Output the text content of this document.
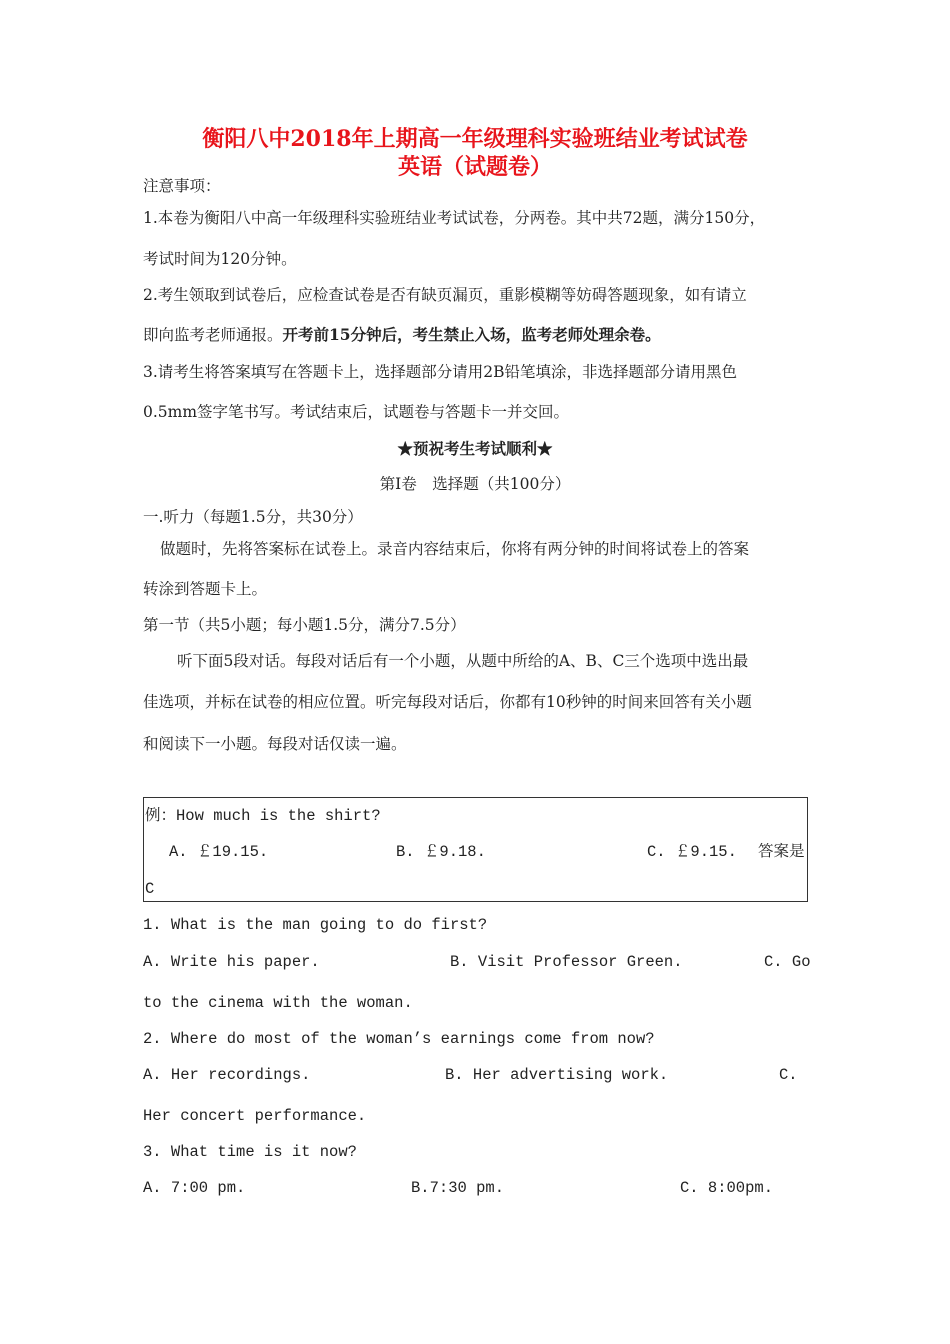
衡阳八中2018年上期高一年级理科实验班结业考试试卷
英语（试题卷）
注意事项：
1.本卷为衡阳八中高一年级理科实验班结业考试试卷，分两卷。其中共72题，满分150分，
考试时间为120分钟。
2.考生领取到试卷后，应检查试卷是否有缺页漏页，重影模糊等妨碍答题现象，如有请立
即向监考老师通报。开考前15分钟后，考生禁止入场，监考老师处理余卷。
3.请考生将答案填写在答题卡上，选择题部分请用2B铅笔填涂，非选择题部分请用黑色
0.5mm签字笔书写。考试结束后，试题卷与答题卡一并交回。
★预祝考生考试顺利★
第Ⅰ卷　选择题（共100分）
一.听力（每题1.5分，共30分）
做题时，先将答案标在试卷上。录音内容结束后，你将有两分钟的时间将试卷上的答案
转涂到答题卡上。
第一节（共5小题；每小题1.5分，满分7.5分）
听下面5段对话。每段对话后有一个小题，从题中所给的A、B、C三个选项中选出最
佳选项，并标在试卷的相应位置。听完每段对话后，你都有10秒钟的时间来回答有关小题
和阅读下一小题。每段对话仅读一遍。
例：How much is the shirt?
A. ￡19.15.	B. ￡9.18.	C. ￡9.15. 答案是
C
1. What is the man going to do first?
A. Write his paper.	B. Visit Professor Green.	C. Go
to the cinema with the woman.
2. Where do most of the woman’s earnings come from now?
A. Her recordings.	B. Her advertising work.	C.
Her concert performance.
3. What time is it now?
A. 7:00 pm.	B.7:30 pm.	C. 8:00pm.
